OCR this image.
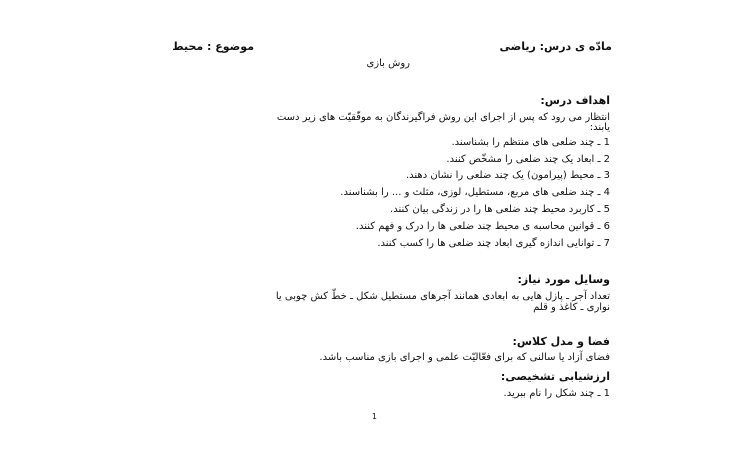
مادّه ی درس: ریاضی
موضوع : محیط
روش بازی
اهداف درس:
انتظار می رود که پس از اجرای این روش فراگیرندگان به موفّقیّت های زیر دست
یابند:
1 ـ چند ضلعی های منتظم را بشناسند.
2 ـ ابعاد یک چند ضلعی را مشخّص کنند.
3 ـ محیط (پیرامون) یک چند ضلعی را نشان دهند.
4 ـ چند ضلعی های مربع، مستطیل، لوزی، مثلث و ... را بشناسند.
5 ـ کاربرد محیط چند ضلعی ها را در زندگی بیان کنند.
6 ـ قوانین محاسبه ی محیط چند ضلعی ها را درک و فهم کنند.
7 ـ توانایی اندازه گیری ابعاد چند ضلعی ها را کسب کنند.
وسایل مورد نیاز:
تعداد آجر ـ پازل هایی به ابعادی همانند آجرهای مستطیل شکل ـ خطّ کش چوبی یا
نواری ـ کاغذ و قلم
فضا و مدل کلاس:
فضای آزاد یا سالنی که برای فعّالیّت علمی و اجرای بازی مناسب باشد.
ارزشیابی تشخیصی:
1 ـ چند شکل را نام ببرید.
1
